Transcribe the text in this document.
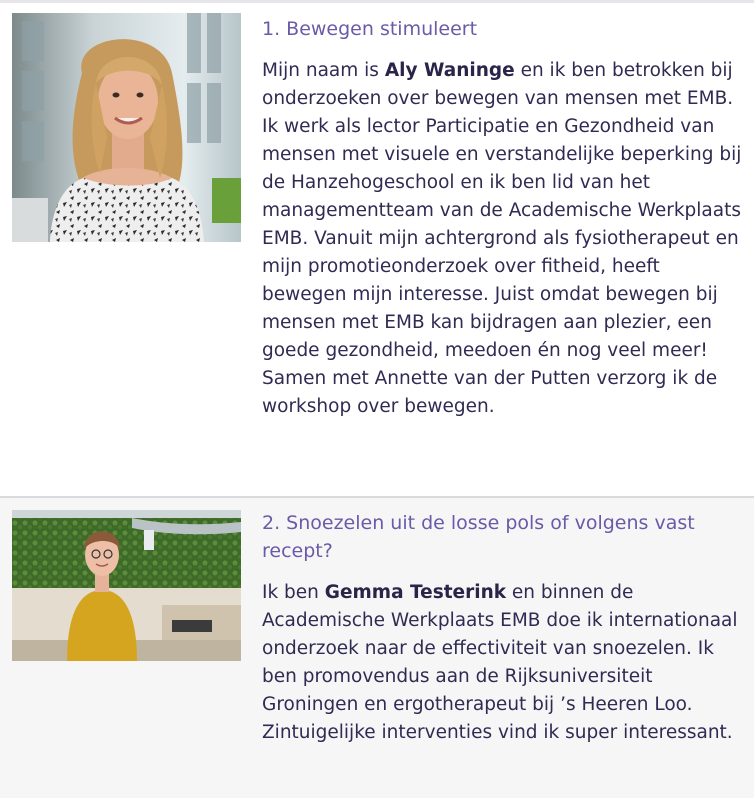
1. Bewegen stimuleert

Mijn naam is Aly Waninge en ik ben betrokken bij onderzoeken over bewegen van mensen met EMB. Ik werk als lector Participatie en Gezondheid van mensen met visuele en verstandelijke beperking bij de Hanzehogeschool en ik ben lid van het managementteam van de Academische Werkplaats EMB. Vanuit mijn achtergrond als fysiotherapeut en mijn promotieonderzoek over fitheid, heeft bewegen mijn interesse. Juist omdat bewegen bij mensen met EMB kan bijdragen aan plezier, een goede gezondheid, meedoen én nog veel meer! Samen met Annette van der Putten verzorg ik de workshop over bewegen.

2. Snoezelen uit de losse pols of volgens vast recept?

Ik ben Gemma Testerink en binnen de Academische Werkplaats EMB doe ik internationaal onderzoek naar de effectiviteit van snoezelen. Ik ben promovendus aan de Rijksuniversiteit Groningen en ergotherapeut bij ’s Heeren Loo. Zintuigelijke interventies vind ik super interessant.
